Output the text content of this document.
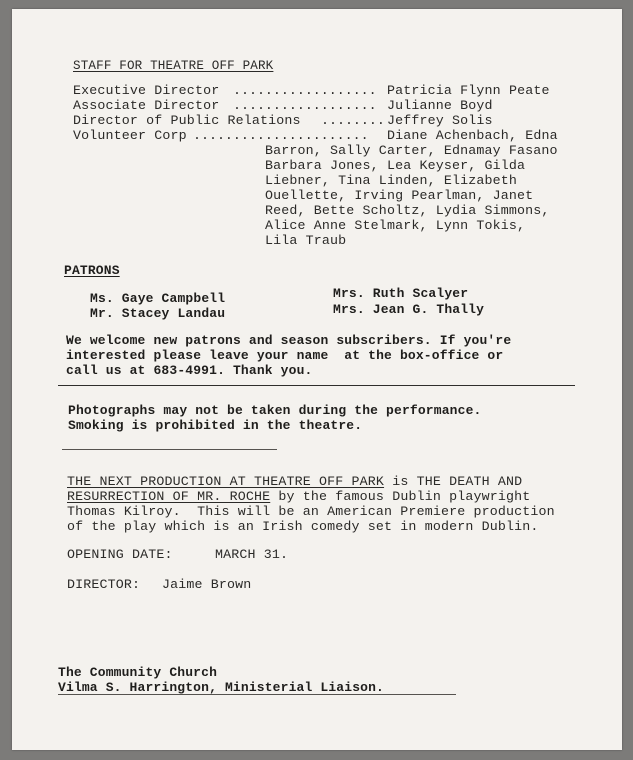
STAFF FOR THEATRE OFF PARK
Executive Director .................. Patricia Flynn Peate
Associate Director .................. Julianne Boyd
Director of Public Relations ........ Jeffrey Solis
Volunteer Corp ...................... Diane Achenbach, Edna
Barron, Sally Carter, Ednamay Fasano
Barbara Jones, Lea Keyser, Gilda
Liebner, Tina Linden, Elizabeth
Ouellette, Irving Pearlman, Janet
Reed, Bette Scholtz, Lydia Simmons,
Alice Anne Stelmark, Lynn Tokis,
Lila Traub
PATRONS
Ms. Gaye Campbell
Mr. Stacey Landau
Mrs. Ruth Scalyer
Mrs. Jean G. Thally
We welcome new patrons and season subscribers. If you're
interested please leave your name  at the box-office or
call us at 683-4991. Thank you.
Photographs may not be taken during the performance.
Smoking is prohibited in the theatre.
THE NEXT PRODUCTION AT THEATRE OFF PARK is THE DEATH AND
RESURRECTION OF MR. ROCHE by the famous Dublin playwright
Thomas Kilroy.  This will be an American Premiere production
of the play which is an Irish comedy set in modern Dublin.
OPENING DATE:	MARCH 31.
DIRECTOR: Jaime Brown
The Community Church
Vilma S. Harrington, Ministerial Liaison.
